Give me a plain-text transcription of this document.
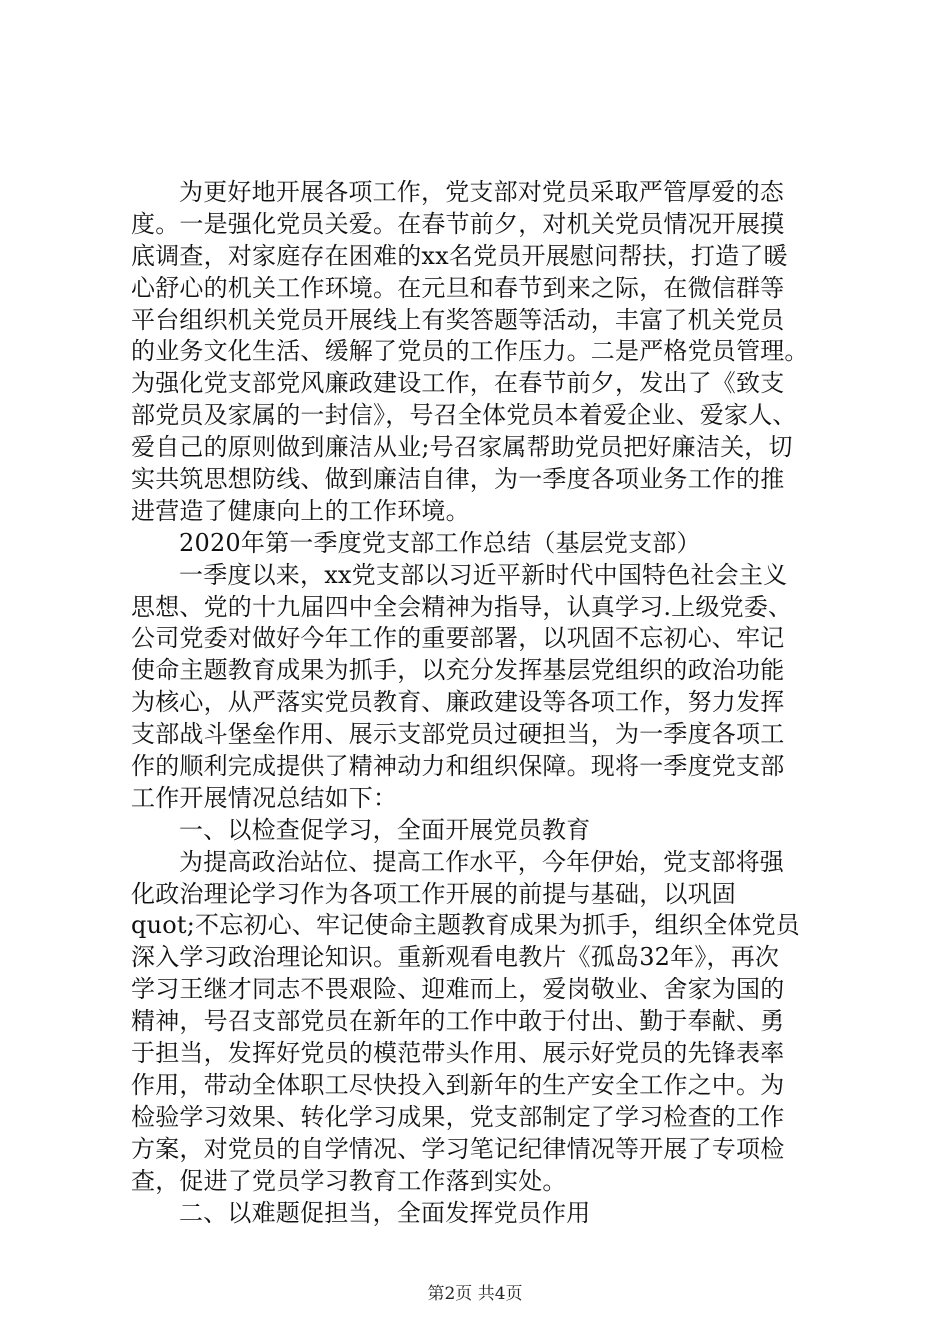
为更好地开展各项工作，党支部对党员采取严管厚爱的态
度。一是强化党员关爱。在春节前夕，对机关党员情况开展摸
底调查，对家庭存在困难的xx名党员开展慰问帮扶，打造了暖
心舒心的机关工作环境。在元旦和春节到来之际，在微信群等
平台组织机关党员开展线上有奖答题等活动，丰富了机关党员
的业务文化生活、缓解了党员的工作压力。二是严格党员管理。
为强化党支部党风廉政建设工作，在春节前夕，发出了《致支
部党员及家属的一封信》，号召全体党员本着爱企业、爱家人、
爱自己的原则做到廉洁从业;号召家属帮助党员把好廉洁关，切
实共筑思想防线、做到廉洁自律，为一季度各项业务工作的推
进营造了健康向上的工作环境。
2020年第一季度党支部工作总结（基层党支部）
一季度以来，xx党支部以习近平新时代中国特色社会主义
思想、党的十九届四中全会精神为指导，认真学习.上级党委、
公司党委对做好今年工作的重要部署，以巩固不忘初心、牢记
使命主题教育成果为抓手，以充分发挥基层党组织的政治功能
为核心，从严落实党员教育、廉政建设等各项工作，努力发挥
支部战斗堡垒作用、展示支部党员过硬担当，为一季度各项工
作的顺利完成提供了精神动力和组织保障。现将一季度党支部
工作开展情况总结如下：
一、以检查促学习，全面开展党员教育
为提高政治站位、提高工作水平，今年伊始，党支部将强
化政治理论学习作为各项工作开展的前提与基础，以巩固
quot;不忘初心、牢记使命主题教育成果为抓手，组织全体党员
深入学习政治理论知识。重新观看电教片《孤岛32年》，再次
学习王继才同志不畏艰险、迎难而上，爱岗敬业、舍家为国的
精神，号召支部党员在新年的工作中敢于付出、勤于奉献、勇
于担当，发挥好党员的模范带头作用、展示好党员的先锋表率
作用，带动全体职工尽快投入到新年的生产安全工作之中。为
检验学习效果、转化学习成果，党支部制定了学习检查的工作
方案，对党员的自学情况、学习笔记纪律情况等开展了专项检
查，促进了党员学习教育工作落到实处。
二、以难题促担当，全面发挥党员作用
第2页 共4页
